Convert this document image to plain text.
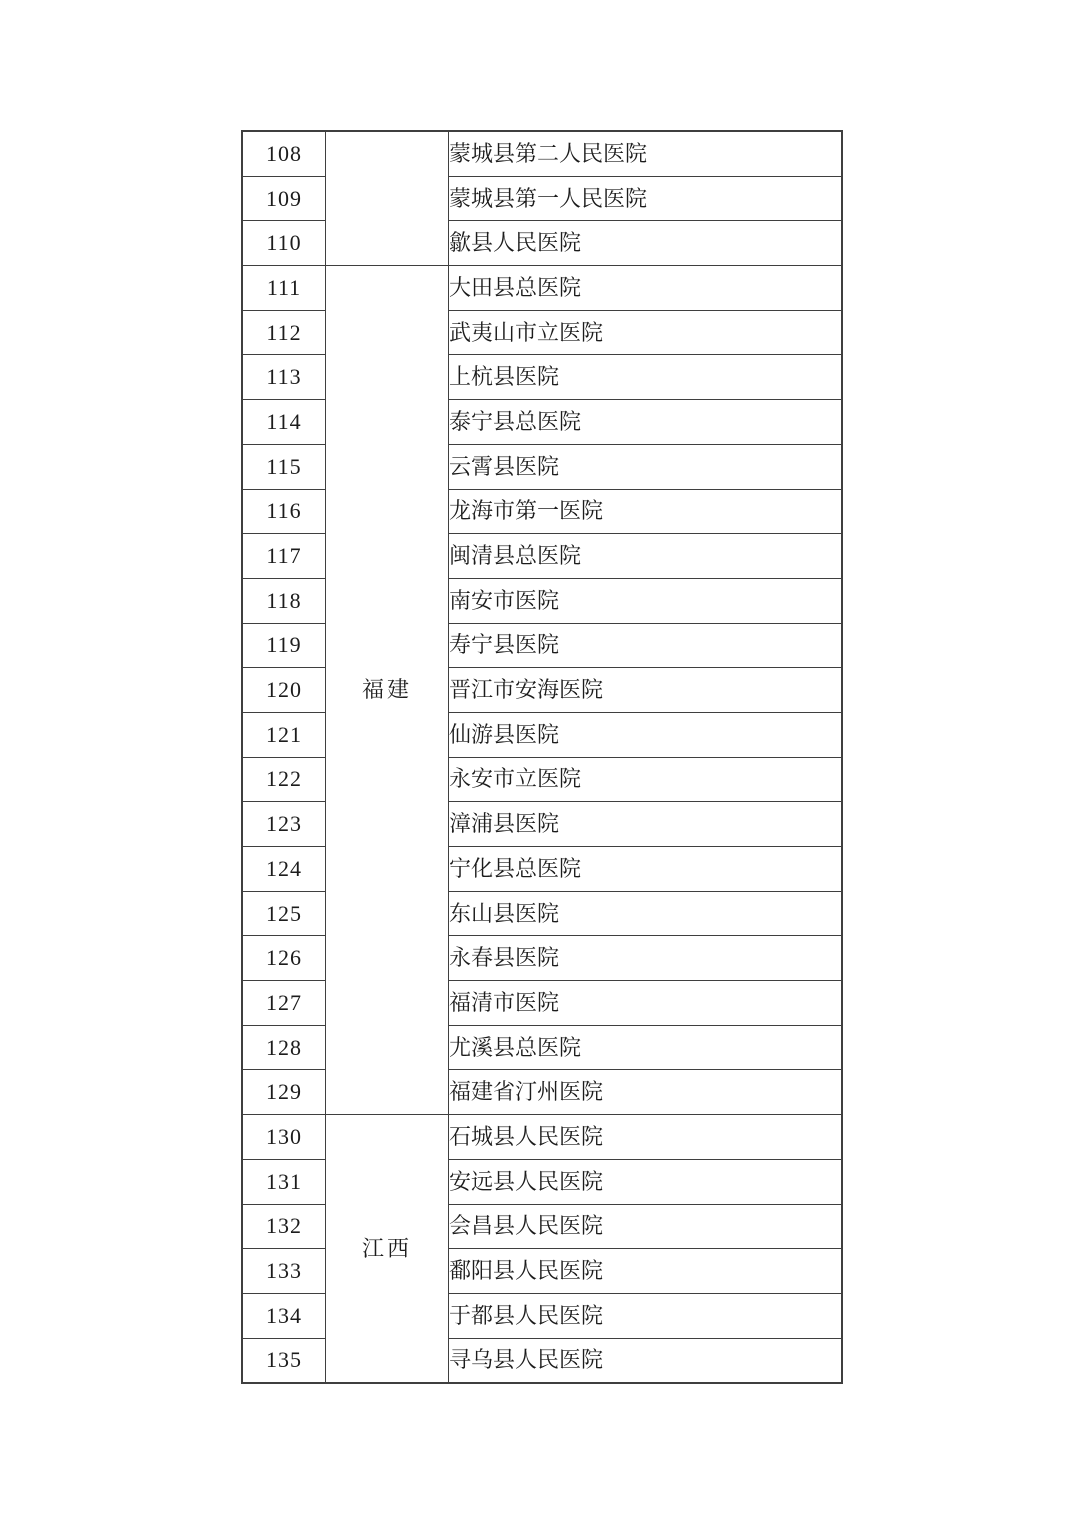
108		蒙城县第二人民医院
109		蒙城县第一人民医院
110		歙县人民医院
111	福建	大田县总医院
112		武夷山市立医院
113		上杭县医院
114		泰宁县总医院
115		云霄县医院
116		龙海市第一医院
117		闽清县总医院
118		南安市医院
119		寿宁县医院
120		晋江市安海医院
121		仙游县医院
122		永安市立医院
123		漳浦县医院
124		宁化县总医院
125		东山县医院
126		永春县医院
127		福清市医院
128		尤溪县总医院
129		福建省汀州医院
130	江西	石城县人民医院
131		安远县人民医院
132		会昌县人民医院
133		鄱阳县人民医院
134		于都县人民医院
135		寻乌县人民医院
